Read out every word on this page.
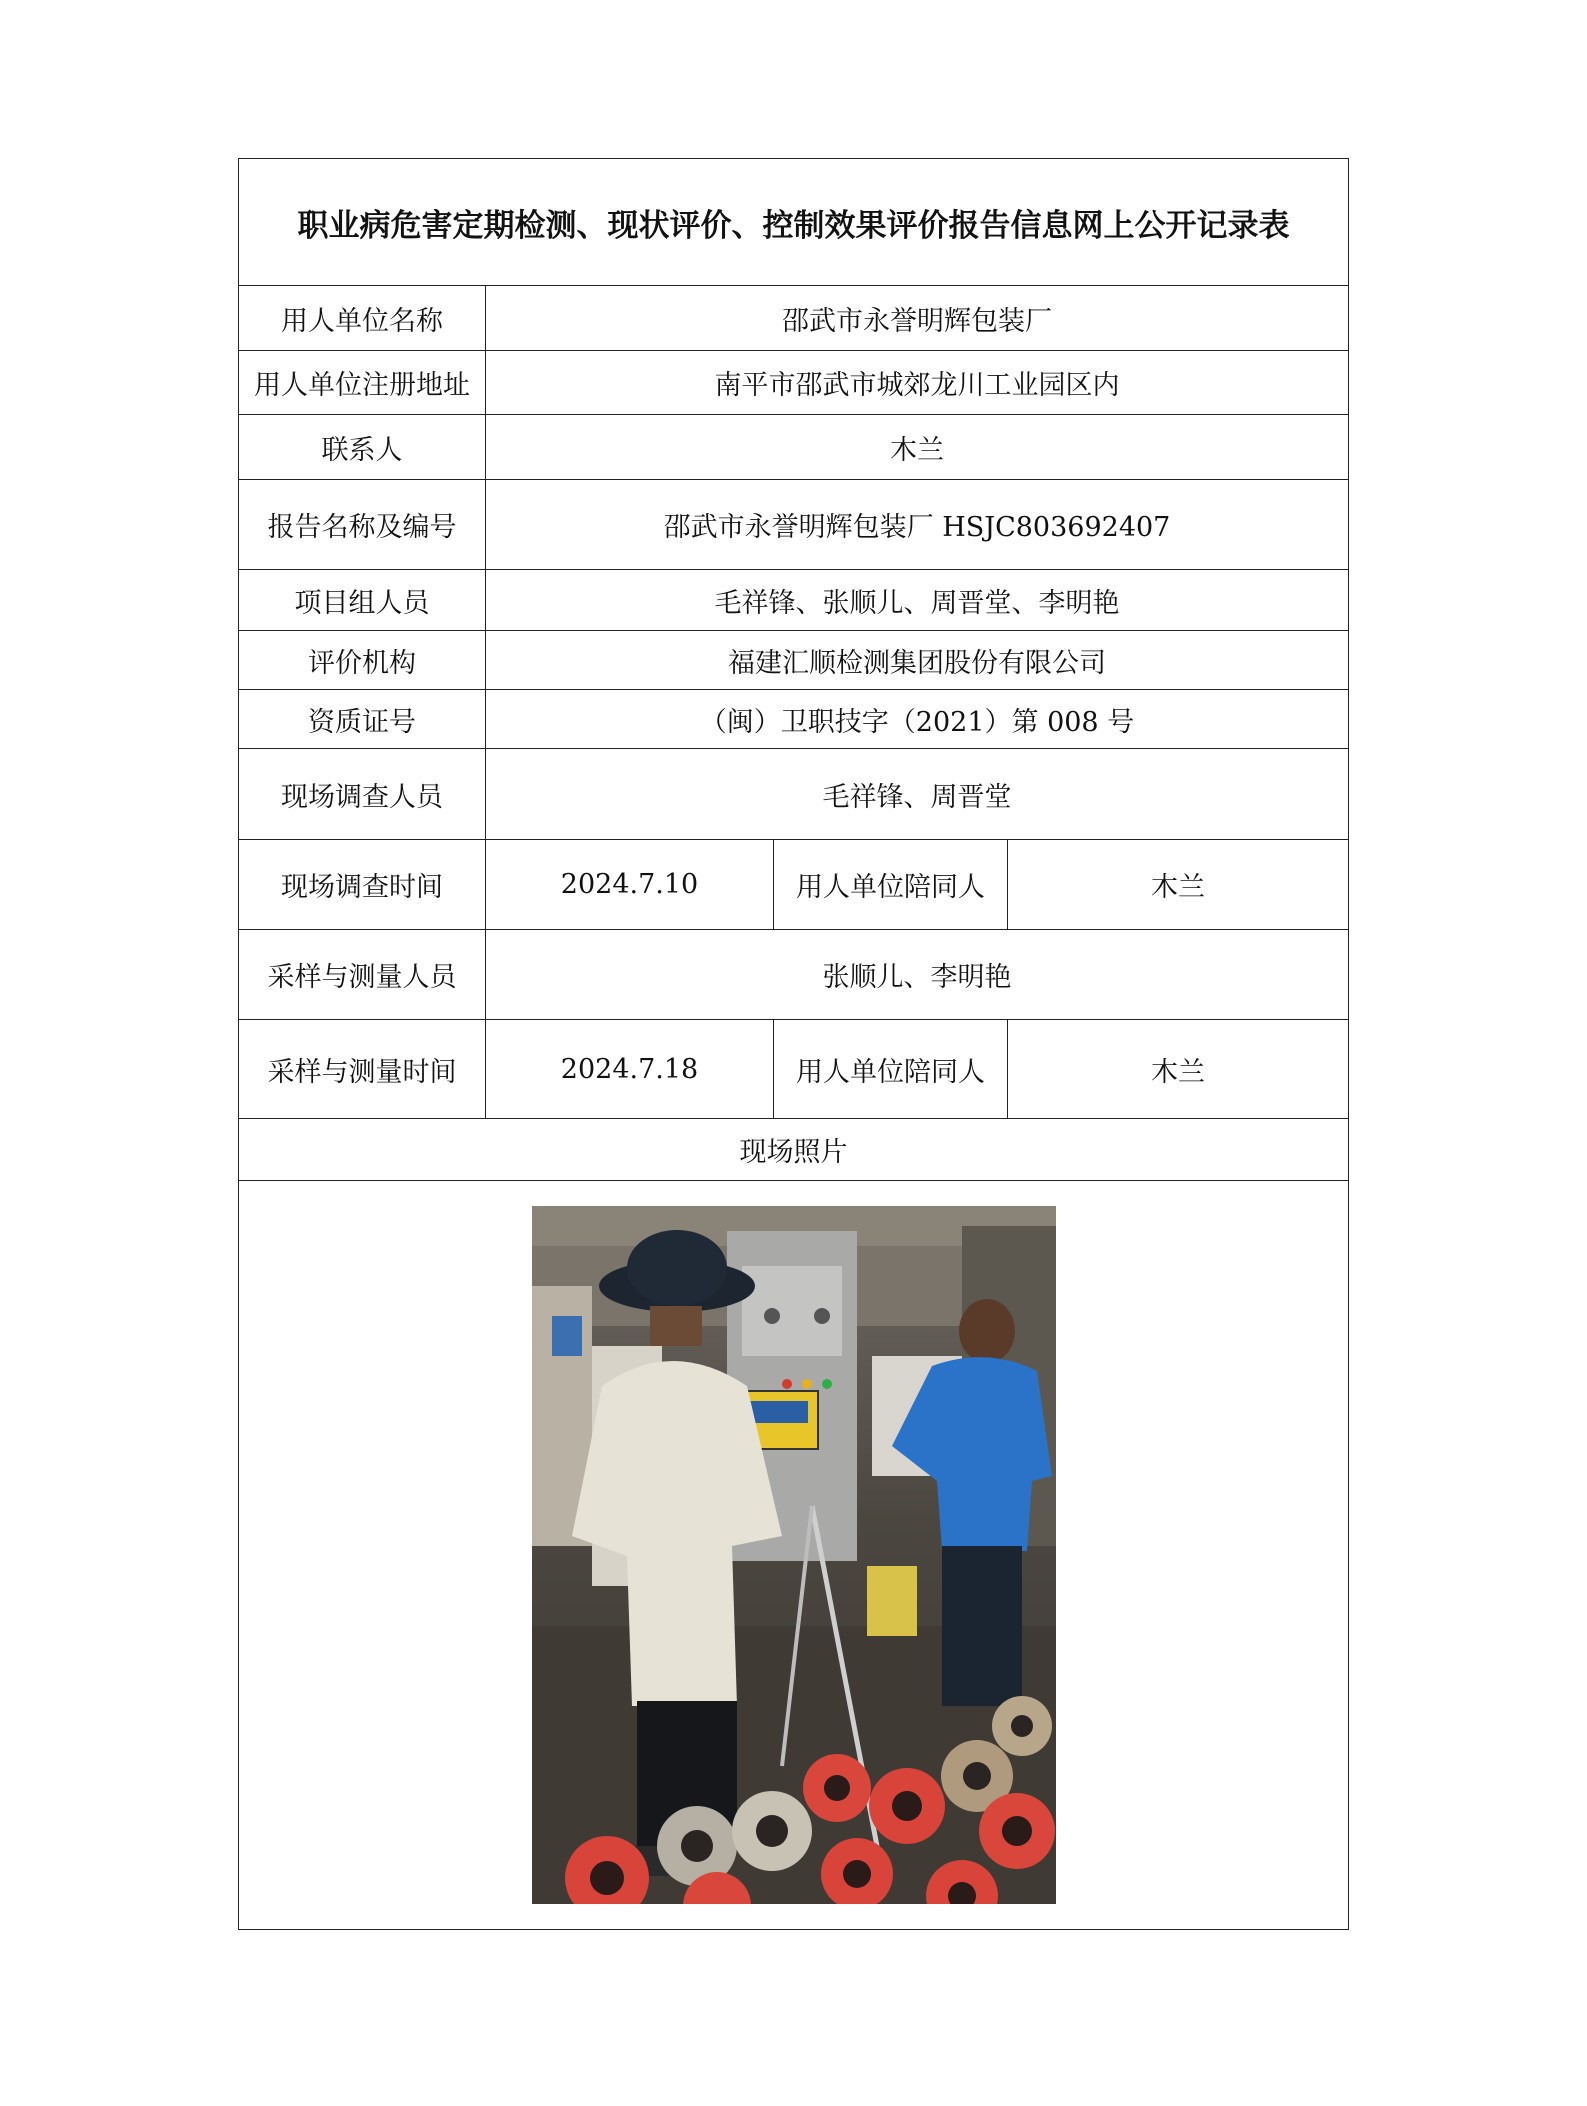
职业病危害定期检测、现状评价、控制效果评价报告信息网上公开记录表			
用人单位名称	邵武市永誉明辉包装厂		
用人单位注册地址	南平市邵武市城郊龙川工业园区内		
联系人	木兰		
报告名称及编号	邵武市永誉明辉包装厂 HSJC803692407		
项目组人员	毛祥锋、张顺儿、周晋堂、李明艳		
评价机构	福建汇顺检测集团股份有限公司		
资质证号	（闽）卫职技字（2021）第 008 号		
现场调查人员	毛祥锋、周晋堂		
现场调查时间	2024.7.10	用人单位陪同人	木兰
采样与测量人员	张顺儿、李明艳		
采样与测量时间	2024.7.18	用人单位陪同人	木兰
现场照片			
